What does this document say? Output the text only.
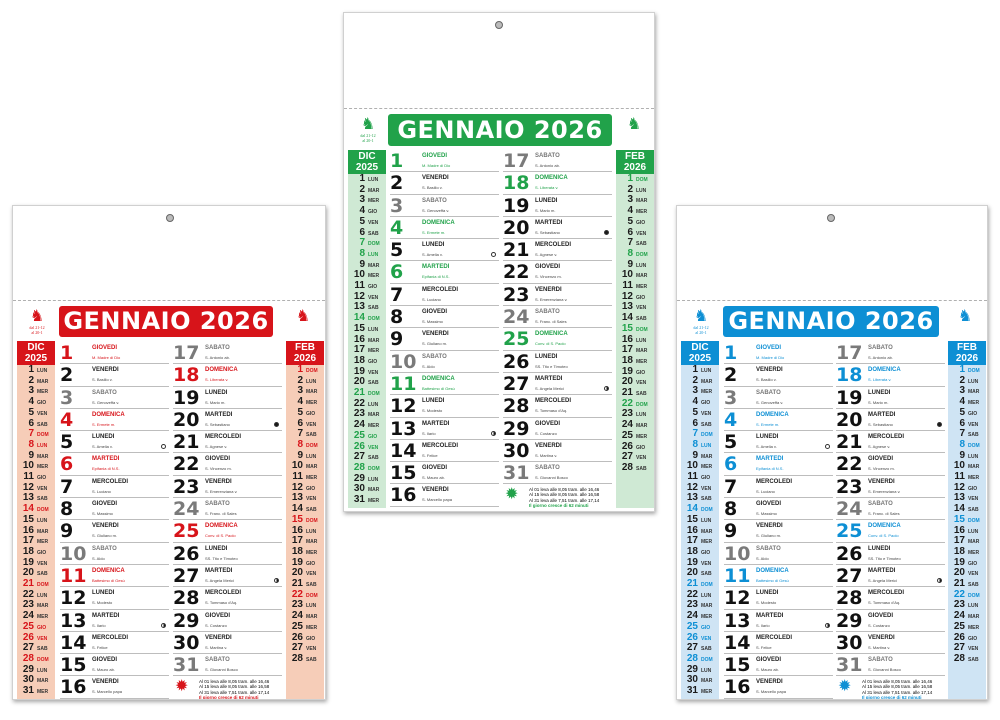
♞
dal 21-12
al 20-1 GENNAIO 2026	♞
DIC
2025
1 LUN
2 MAR
3 MER
4 GIO
5 VEN
6 SAB
7 DOM
8 LUN
9 MAR
10 MER
11 GIO
12 VEN
13 SAB
14 DOM
15 LUN
16 MAR
17 MER
18 GIO
19 VEN
20 SAB
21 DOM
22 LUN
23 MAR
24 MER
25 GIO
26 VEN
27 SAB
28 DOM
29 LUN
30 MAR
31 MER
1	GIOVEDI
M. Madre di Dio
2	VENERDI
S. Basilio v.
3	SABATO
S. Genoveffa v.
4	DOMENICA
S. Ermete m.
5	LUNEDI
S. Amelia v.
6	MARTEDI
Epifania di N.S.
7	MERCOLEDI
S. Luciano
8	GIOVEDI
S. Massimo
9	VENERDI
S. Giuliano m.
10 SABATO
S. Aldo
11 DOMENICA
Battesimo di Gesù
12 LUNEDI
S. Modesto
13 MARTEDI
S. Ilario
14 MERCOLEDI
S. Felice
15 GIOVEDI
S. Mauro ab.
16 VENERDI
S. Marcello papa
17 SABATO
S. Antonio ab.
18 DOMENICA
S. Liberata v.
19 LUNEDI
S. Mario m.
20 MARTEDI
S. Sebastiano
21 MERCOLEDI
S. Agnese v.
22 GIOVEDI
S. Vincenzo m.
23 VENERDI
S. Emerenziana v.
24 SABATO
S. Franc. di Sales
25 DOMENICA
Conv. di S. Paolo
26 LUNEDI
SS. Tito e Timoteo
27 MARTEDI
S. Angela Merici
28 MERCOLEDI
S. Tommaso d'Aq.
29 GIOVEDI
S. Costanzo
30 VENERDI
S. Martina v.
31 SABATO
S. Giovanni Bosco
✹ Al 01 leva alle 8,05 tram. alle 16,46
Al 15 leva alle 8,05 tram. alle 16,58
Al 31 leva alle 7,51 tram. alle 17,14
Il giorno cresce di 62 minuti
FEB
2026
1 DOM
2 LUN
3 MAR
4 MER
5 GIO
6 VEN
7 SAB
8 DOM
9 LUN
10 MAR
11 MER
12 GIO
13 VEN
14 SAB
15 DOM
16 LUN
17 MAR
18 MER
19 GIO
20 VEN
21 SAB
22 DOM
23 LUN
24 MAR
25 MER
26 GIO
27 VEN
28 SAB
♞
dal 21-12
al 20-1 GENNAIO 2026	♞
DIC
2025
1 LUN
2 MAR
3 MER
4 GIO
5 VEN
6 SAB
7 DOM
8 LUN
9 MAR
10 MER
11 GIO
12 VEN
13 SAB
14 DOM
15 LUN
16 MAR
17 MER
18 GIO
19 VEN
20 SAB
21 DOM
22 LUN
23 MAR
24 MER
25 GIO
26 VEN
27 SAB
28 DOM
29 LUN
30 MAR
31 MER
1	GIOVEDI
M. Madre di Dio
2	VENERDI
S. Basilio v.
3	SABATO
S. Genoveffa v.
4	DOMENICA
S. Ermete m.
5	LUNEDI
S. Amelia v.
6	MARTEDI
Epifania di N.S.
7	MERCOLEDI
S. Luciano
8	GIOVEDI
S. Massimo
9	VENERDI
S. Giuliano m.
10 SABATO
S. Aldo
11 DOMENICA
Battesimo di Gesù
12 LUNEDI
S. Modesto
13 MARTEDI
S. Ilario
14 MERCOLEDI
S. Felice
15 GIOVEDI
S. Mauro ab.
16 VENERDI
S. Marcello papa
17 SABATO
S. Antonio ab.
18 DOMENICA
S. Liberata v.
19 LUNEDI
S. Mario m.
20 MARTEDI
S. Sebastiano
21 MERCOLEDI
S. Agnese v.
22 GIOVEDI
S. Vincenzo m.
23 VENERDI
S. Emerenziana v.
24 SABATO
S. Franc. di Sales
25 DOMENICA
Conv. di S. Paolo
26 LUNEDI
SS. Tito e Timoteo
27 MARTEDI
S. Angela Merici
28 MERCOLEDI
S. Tommaso d'Aq.
29 GIOVEDI
S. Costanzo
30 VENERDI
S. Martina v.
31 SABATO
S. Giovanni Bosco
✹ Al 01 leva alle 8,05 tram. alle 16,46
Al 15 leva alle 8,05 tram. alle 16,58
Al 31 leva alle 7,51 tram. alle 17,14
Il giorno cresce di 62 minuti
FEB
2026
1 DOM
2 LUN
3 MAR
4 MER
5 GIO
6 VEN
7 SAB
8 DOM
9 LUN
10 MAR
11 MER
12 GIO
13 VEN
14 SAB
15 DOM
16 LUN
17 MAR
18 MER
19 GIO
20 VEN
21 SAB
22 DOM
23 LUN
24 MAR
25 MER
26 GIO
27 VEN
28 SAB
♞
dal 21-12
al 20-1 GENNAIO 2026	♞
DIC
2025
1 LUN
2 MAR
3 MER
4 GIO
5 VEN
6 SAB
7 DOM
8 LUN
9 MAR
10 MER
11 GIO
12 VEN
13 SAB
14 DOM
15 LUN
16 MAR
17 MER
18 GIO
19 VEN
20 SAB
21 DOM
22 LUN
23 MAR
24 MER
25 GIO
26 VEN
27 SAB
28 DOM
29 LUN
30 MAR
31 MER
1	GIOVEDI
M. Madre di Dio
2	VENERDI
S. Basilio v.
3	SABATO
S. Genoveffa v.
4	DOMENICA
S. Ermete m.
5	LUNEDI
S. Amelia v.
6	MARTEDI
Epifania di N.S.
7	MERCOLEDI
S. Luciano
8	GIOVEDI
S. Massimo
9	VENERDI
S. Giuliano m.
10 SABATO
S. Aldo
11 DOMENICA
Battesimo di Gesù
12 LUNEDI
S. Modesto
13 MARTEDI
S. Ilario
14 MERCOLEDI
S. Felice
15 GIOVEDI
S. Mauro ab.
16 VENERDI
S. Marcello papa
17 SABATO
S. Antonio ab.
18 DOMENICA
S. Liberata v.
19 LUNEDI
S. Mario m.
20 MARTEDI
S. Sebastiano
21 MERCOLEDI
S. Agnese v.
22 GIOVEDI
S. Vincenzo m.
23 VENERDI
S. Emerenziana v.
24 SABATO
S. Franc. di Sales
25 DOMENICA
Conv. di S. Paolo
26 LUNEDI
SS. Tito e Timoteo
27 MARTEDI
S. Angela Merici
28 MERCOLEDI
S. Tommaso d'Aq.
29 GIOVEDI
S. Costanzo
30 VENERDI
S. Martina v.
31 SABATO
S. Giovanni Bosco
✹ Al 01 leva alle 8,05 tram. alle 16,46
Al 15 leva alle 8,05 tram. alle 16,58
Al 31 leva alle 7,51 tram. alle 17,14
Il giorno cresce di 62 minuti
FEB
2026
1 DOM
2 LUN
3 MAR
4 MER
5 GIO
6 VEN
7 SAB
8 DOM
9 LUN
10 MAR
11 MER
12 GIO
13 VEN
14 SAB
15 DOM
16 LUN
17 MAR
18 MER
19 GIO
20 VEN
21 SAB
22 DOM
23 LUN
24 MAR
25 MER
26 GIO
27 VEN
28 SAB
